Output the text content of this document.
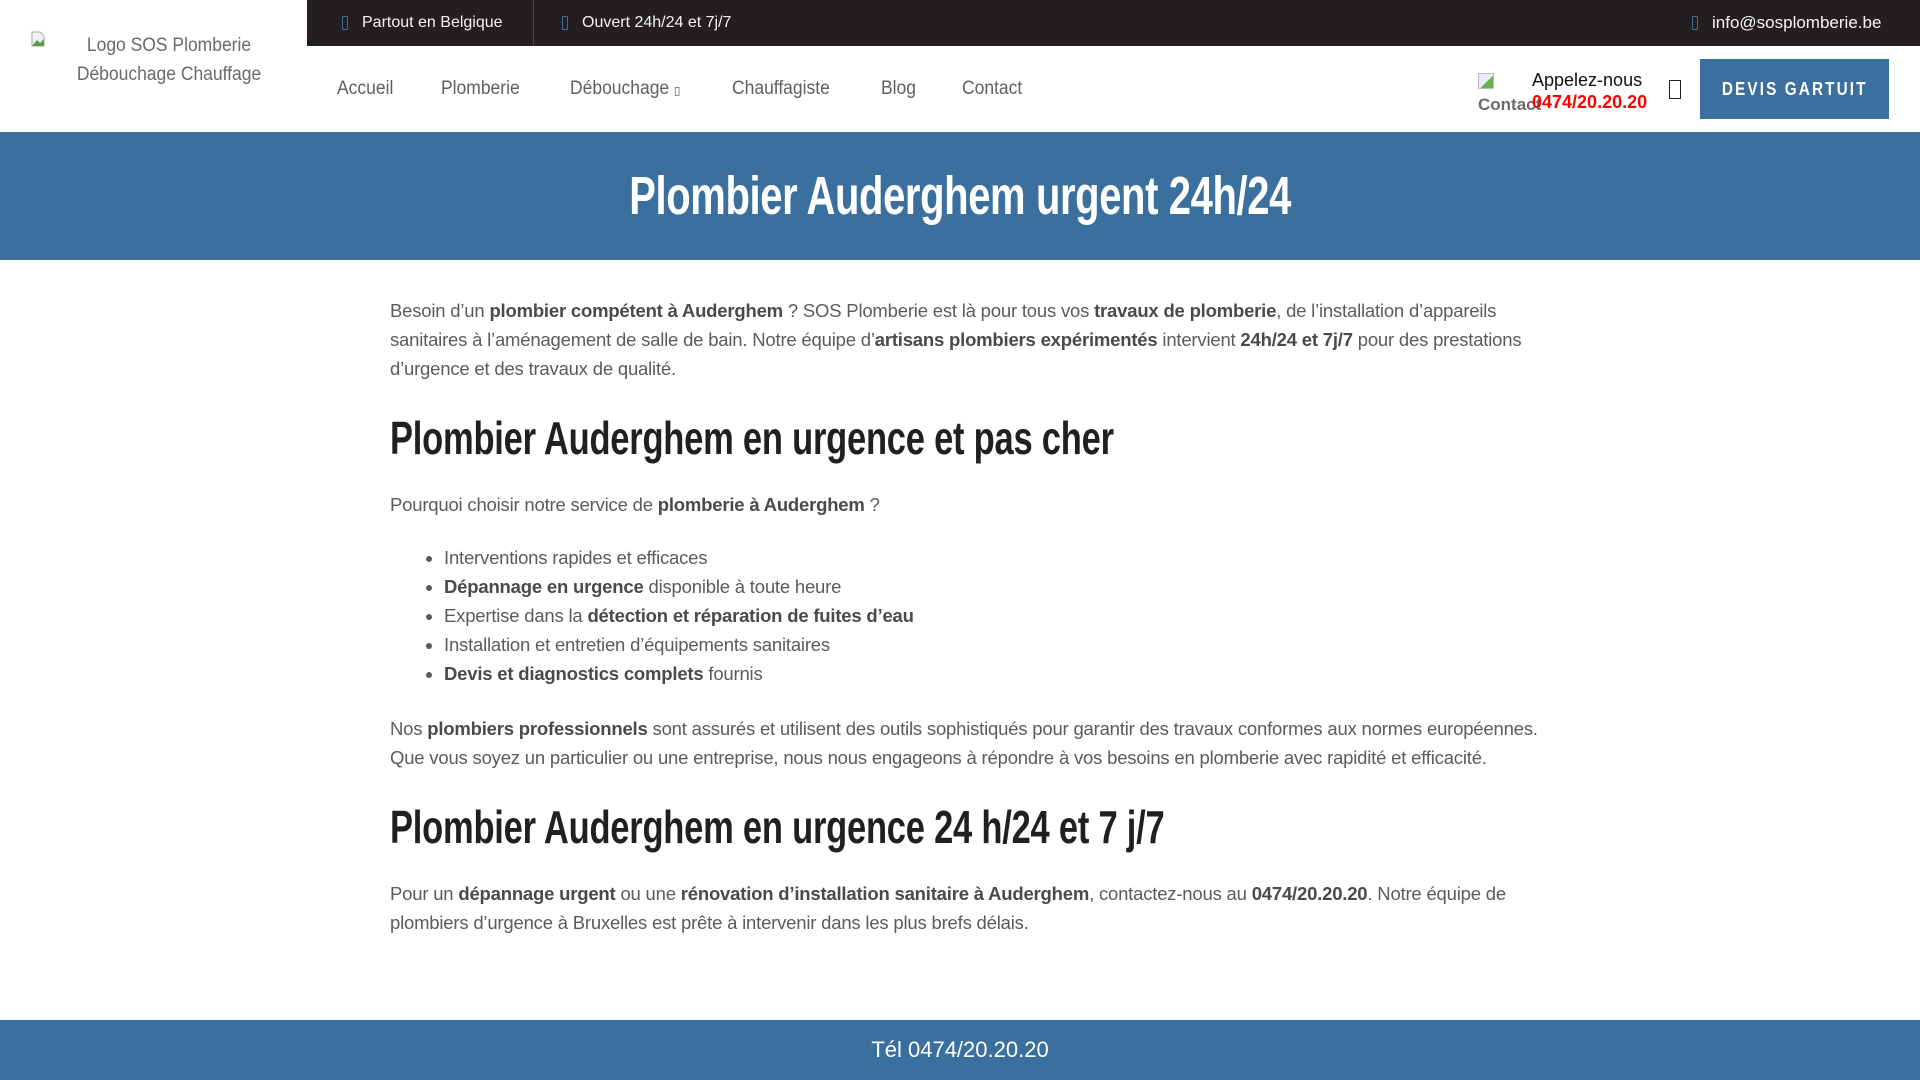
Logo SOS Plomberie Débouchage Chauffage
Partout en Belgique	Ouvert 24h/24 et 7j/7	info@sosplomberie.be
Accueil	Plomberie	Débouchage	Chauffagiste	Blog Contact
Contact
Appelez-nous
0474/20.20.20
DEVIS GARTUIT
Plombier Auderghem urgent 24h/24

Besoin d’un plombier compétent à Auderghem ? SOS Plomberie est là pour tous vos travaux de plomberie, de l’installation d’appareils sanitaires à l’aménagement de salle de bain. Notre équipe d’artisans plombiers expérimentés intervient 24h/24 et 7j/7 pour des prestations d’urgence et des travaux de qualité.

Plombier Auderghem en urgence et pas cher

Pourquoi choisir notre service de plomberie à Auderghem ?

• Interventions rapides et efficaces
• Dépannage en urgence disponible à toute heure
• Expertise dans la détection et réparation de fuites d’eau
• Installation et entretien d’équipements sanitaires
• Devis et diagnostics complets fournis

Nos plombiers professionnels sont assurés et utilisent des outils sophistiqués pour garantir des travaux conformes aux normes européennes. Que vous soyez un particulier ou une entreprise, nous nous engageons à répondre à vos besoins en plomberie avec rapidité et efficacité.

Plombier Auderghem en urgence 24 h/24 et 7 j/7

Pour un dépannage urgent ou une rénovation d’installation sanitaire à Auderghem, contactez-nous au 0474/20.20.20. Notre équipe de plombiers d’urgence à Bruxelles est prête à intervenir dans les plus brefs délais.

Tél 0474/20.20.20
